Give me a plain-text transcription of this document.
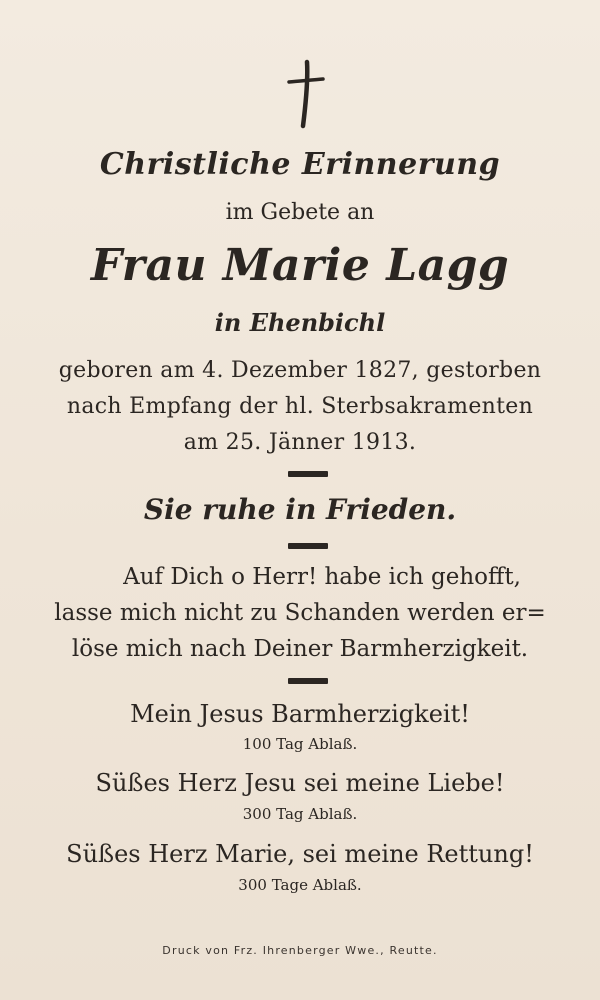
Christliche Erinnerung
im Gebete an
Frau Marie Lagg
in Ehenbichl
geboren am 4. Dezember 1827, gestorben
nach Empfang der hl. Sterbsakramenten
am 25. Jänner 1913.
Sie ruhe in Frieden.
Auf Dich o Herr! habe ich gehofft,
lasse mich nicht zu Schanden werden er=
löse mich nach Deiner Barmherzigkeit.
Mein Jesus Barmherzigkeit!
100 Tag Ablaß.
Süßes Herz Jesu sei meine Liebe!
300 Tag Ablaß.
Süßes Herz Marie, sei meine Rettung!
300 Tage Ablaß.
Druck von Frz. Ihrenberger Wwe., Reutte.
